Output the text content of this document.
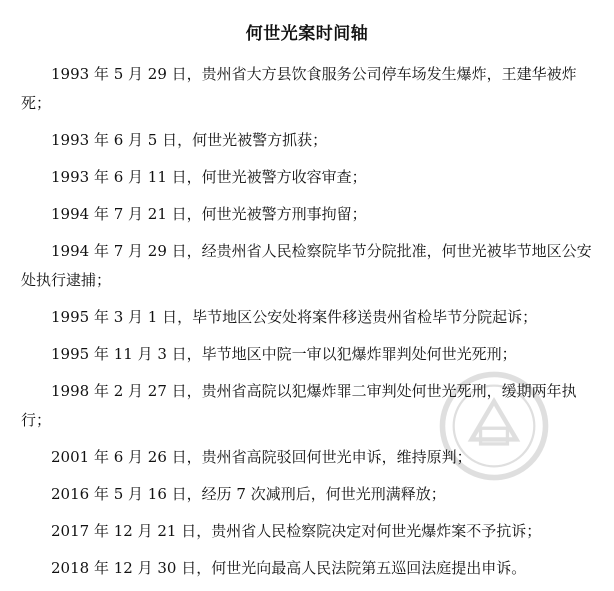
何世光案时间轴
1993 年 5 月 29 日，贵州省大方县饮食服务公司停车场发生爆炸，王建华被炸死；
1993 年 6 月 5 日，何世光被警方抓获；
1993 年 6 月 11 日，何世光被警方收容审查；
1994 年 7 月 21 日，何世光被警方刑事拘留；
1994 年 7 月 29 日，经贵州省人民检察院毕节分院批准，何世光被毕节地区公安处执行逮捕；
1995 年 3 月 1 日，毕节地区公安处将案件移送贵州省检毕节分院起诉；
1995 年 11 月 3 日，毕节地区中院一审以犯爆炸罪判处何世光死刑；
1998 年 2 月 27 日，贵州省高院以犯爆炸罪二审判处何世光死刑，缓期两年执行；
2001 年 6 月 26 日，贵州省高院驳回何世光申诉，维持原判；
2016 年 5 月 16 日，经历 7 次减刑后，何世光刑满释放；
2017 年 12 月 21 日，贵州省人民检察院决定对何世光爆炸案不予抗诉；
2018 年 12 月 30 日，何世光向最高人民法院第五巡回法庭提出申诉。
